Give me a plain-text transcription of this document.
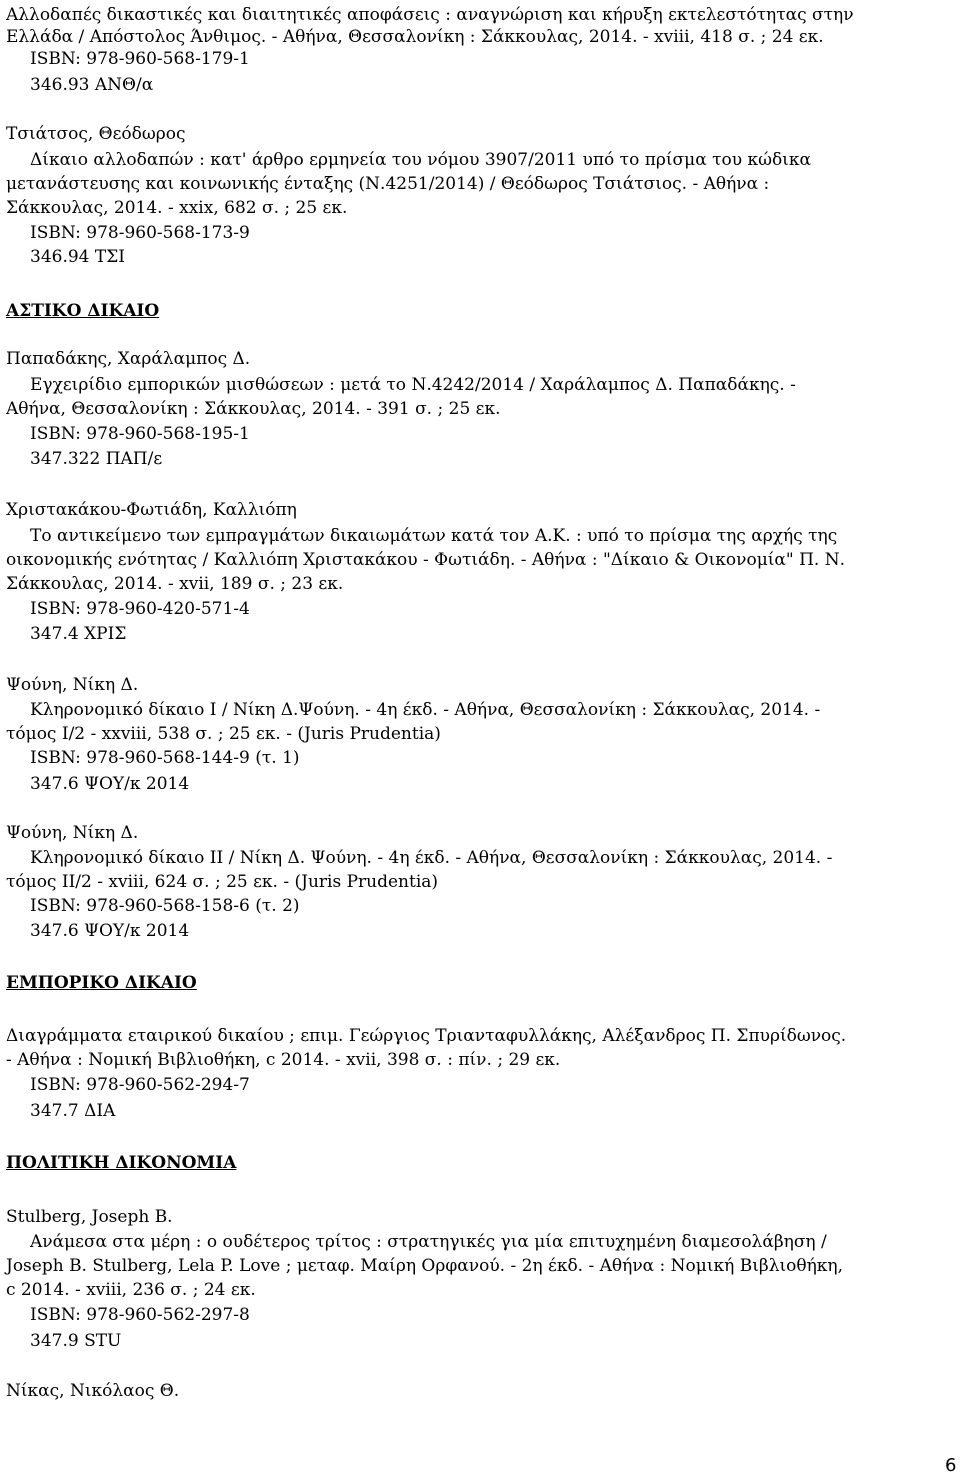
Αλλοδαπές δικαστικές και διαιτητικές αποφάσεις : αναγνώριση και κήρυξη εκτελεστότητας στην
Ελλάδα / Απόστολος Άνθιμος. - Αθήνα, Θεσσαλονίκη : Σάκκουλας, 2014. - xviii, 418 σ. ; 24 εκ.
ISBN: 978-960-568-179-1
346.93 ΑΝΘ/α
Τσιάτσος, Θεόδωρος
Δίκαιο αλλοδαπών : κατ' άρθρο ερμηνεία του νόμου 3907/2011 υπό το πρίσμα του κώδικα
μετανάστευσης και κοινωνικής ένταξης (Ν.4251/2014) / Θεόδωρος Τσιάτσιος. - Αθήνα :
Σάκκουλας, 2014. - xxix, 682 σ. ; 25 εκ.
ISBN: 978-960-568-173-9
346.94 ΤΣΙ
ΑΣΤΙΚΟ ΔΙΚΑΙΟ
Παπαδάκης, Χαράλαμπος Δ.
Εγχειρίδιο εμπορικών μισθώσεων : μετά το Ν.4242/2014 / Χαράλαμπος Δ. Παπαδάκης. -
Αθήνα, Θεσσαλονίκη : Σάκκουλας, 2014. - 391 σ. ; 25 εκ.
ISBN: 978-960-568-195-1
347.322 ΠΑΠ/ε
Χριστακάκου-Φωτιάδη, Καλλιόπη
Το αντικείμενο των εμπραγμάτων δικαιωμάτων κατά τον Α.Κ. : υπό το πρίσμα της αρχής της
οικονομικής ενότητας / Καλλιόπη Χριστακάκου - Φωτιάδη. - Αθήνα : "Δίκαιο & Οικονομία" Π. Ν.
Σάκκουλας, 2014. - xvii, 189 σ. ; 23 εκ.
ISBN: 978-960-420-571-4
347.4 ΧΡΙΣ
Ψούνη, Νίκη Δ.
Κληρονομικό δίκαιο Ι / Νίκη Δ.Ψούνη. - 4η έκδ. - Αθήνα, Θεσσαλονίκη : Σάκκουλας, 2014. -
τόμος Ι/2 - xxviii, 538 σ. ; 25 εκ. - (Juris Prudentia)
ISBN: 978-960-568-144-9 (τ. 1)
347.6 ΨΟΥ/κ 2014
Ψούνη, Νίκη Δ.
Κληρονομικό δίκαιο ΙΙ / Νίκη Δ. Ψούνη. - 4η έκδ. - Αθήνα, Θεσσαλονίκη : Σάκκουλας, 2014. -
τόμος ΙΙ/2 - xviii, 624 σ. ; 25 εκ. - (Juris Prudentia)
ISBN: 978-960-568-158-6 (τ. 2)
347.6 ΨΟΥ/κ 2014
ΕΜΠΟΡΙΚΟ ΔΙΚΑΙΟ
Διαγράμματα εταιρικού δικαίου ; επιμ. Γεώργιος Τριανταφυλλάκης, Αλέξανδρος Π. Σπυρίδωνος.
- Αθήνα : Νομική Βιβλιοθήκη, c 2014. - xvii, 398 σ. : πίν. ; 29 εκ.
ISBN: 978-960-562-294-7
347.7 ΔΙΑ
ΠΟΛΙΤΙΚΗ ΔΙΚΟΝΟΜΙΑ
Stulberg, Joseph B.
Ανάμεσα στα μέρη : ο ουδέτερος τρίτος : στρατηγικές για μία επιτυχημένη διαμεσολάβηση /
Joseph B. Stulberg, Lela P. Love ; μεταφ. Μαίρη Ορφανού. - 2η έκδ. - Αθήνα : Νομική Βιβλιοθήκη,
c 2014. - xviii, 236 σ. ; 24 εκ.
ISBN: 978-960-562-297-8
347.9 STU
Νίκας, Νικόλαος Θ.
6
